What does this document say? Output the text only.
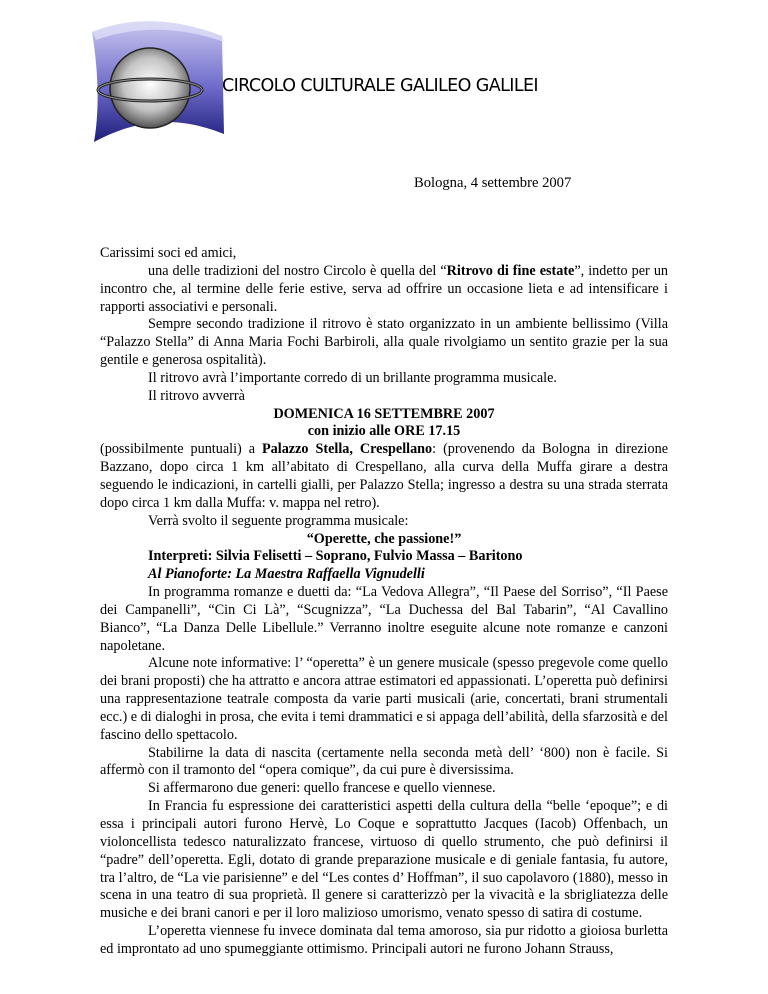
CIRCOLO CULTURALE GALILEO GALILEI
Bologna, 4 settembre 2007

Carissimi soci ed amici,

una delle tradizioni del nostro Circolo è quella del “Ritrovo di fine estate”, indetto per un incontro che, al termine delle ferie estive, serva ad offrire un occasione lieta e ad intensificare i rapporti associativi e personali.

Sempre secondo tradizione il ritrovo è stato organizzato in un ambiente bellissimo (Villa “Palazzo Stella” di Anna Maria Fochi Barbiroli, alla quale rivolgiamo un sentito grazie per la sua gentile e generosa ospitalità).

Il ritrovo avrà l’importante corredo di un brillante programma musicale.

Il ritrovo avverrà

DOMENICA 16 SETTEMBRE 2007

con inizio alle ORE 17.15

(possibilmente puntuali) a Palazzo Stella, Crespellano: (provenendo da Bologna in direzione Bazzano, dopo circa 1 km all’abitato di Crespellano, alla curva della Muffa girare a destra seguendo le indicazioni, in cartelli gialli, per Palazzo Stella; ingresso a destra su una strada sterrata dopo circa 1 km dalla Muffa: v. mappa nel retro).

Verrà svolto il seguente programma musicale:

“Operette, che passione!”

Interpreti: Silvia Felisetti – Soprano, Fulvio Massa – Baritono

Al Pianoforte: La Maestra Raffaella Vignudelli

In programma romanze e duetti da: “La Vedova Allegra”, “Il Paese del Sorriso”, “Il Paese dei Campanelli”, “Cin Ci Là”, “Scugnizza”, “La Duchessa del Bal Tabarin”, “Al Cavallino Bianco”, “La Danza Delle Libellule.” Verranno inoltre eseguite alcune note romanze e canzoni napoletane.

Alcune note informative: l’ “operetta” è un genere musicale (spesso pregevole come quello dei brani proposti) che ha attratto e ancora attrae estimatori ed appassionati. L’operetta può definirsi una rappresentazione teatrale composta da varie parti musicali (arie, concertati, brani strumentali ecc.) e di dialoghi in prosa, che evita i temi drammatici e si appaga dell’abilità, della sfarzosità e del fascino dello spettacolo.

Stabilirne la data di nascita (certamente nella seconda metà dell’ ‘800) non è facile. Si affermò con il tramonto del “opera comique”, da cui pure è diversissima.

Si affermarono due generi: quello francese e quello viennese.

In Francia fu espressione dei caratteristici aspetti della cultura della “belle ‘epoque”; e di essa i principali autori furono Hervè, Lo Coque e soprattutto Jacques (Iacob) Offenbach, un violoncellista tedesco naturalizzato francese, virtuoso di quello strumento, che può definirsi il “padre” dell’operetta. Egli, dotato di grande preparazione musicale e di geniale fantasia, fu autore, tra l’altro, de “La vie parisienne” e del “Les contes d’ Hoffman”, il suo capolavoro (1880), messo in scena in una teatro di sua proprietà. Il genere si caratterizzò per la vivacità e la sbrigliatezza delle musiche e dei brani canori e per il loro malizioso umorismo, venato spesso di satira di costume.

L’operetta viennese fu invece dominata dal tema amoroso, sia pur ridotto a gioiosa burletta ed improntato ad uno spumeggiante ottimismo. Principali autori ne furono Johann Strauss,
